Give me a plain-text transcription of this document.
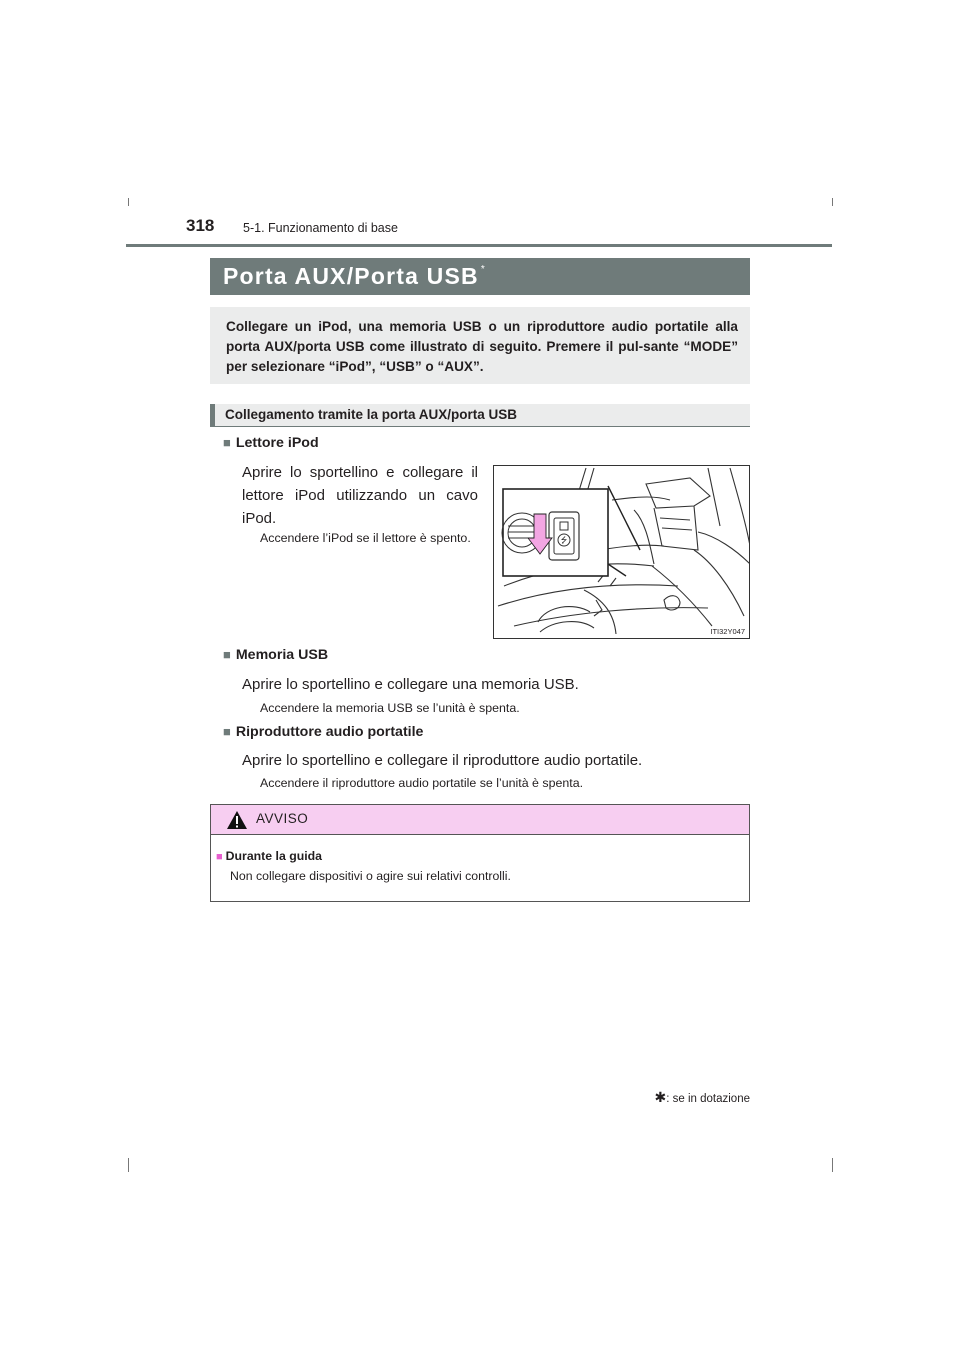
318 5-1. Funzionamento di base
Porta AUX/Porta USB *
Collegare un iPod, una memoria USB o un riproduttore audio portatile alla porta AUX/porta USB come illustrato di seguito. Premere il pul-sante “MODE” per selezionare “iPod”, “USB” o “AUX”.
Collegamento tramite la porta AUX/porta USB
■ Lettore iPod
Aprire lo sportellino e collegare il lettore iPod utilizzando un cavo iPod.
Accendere l’iPod se il lettore è spento.	⭍
ITI32Y047
■ Memoria USB
Aprire lo sportellino e collegare una memoria USB.
Accendere la memoria USB se l’unità è spenta.
■ Riproduttore audio portatile
Aprire lo sportellino e collegare il riproduttore audio portatile.
Accendere il riproduttore audio portatile se l’unità è spenta.
AVVISO
■ Durante la guida
Non collegare dispositivi o agire sui relativi controlli.
✱: se in dotazione
